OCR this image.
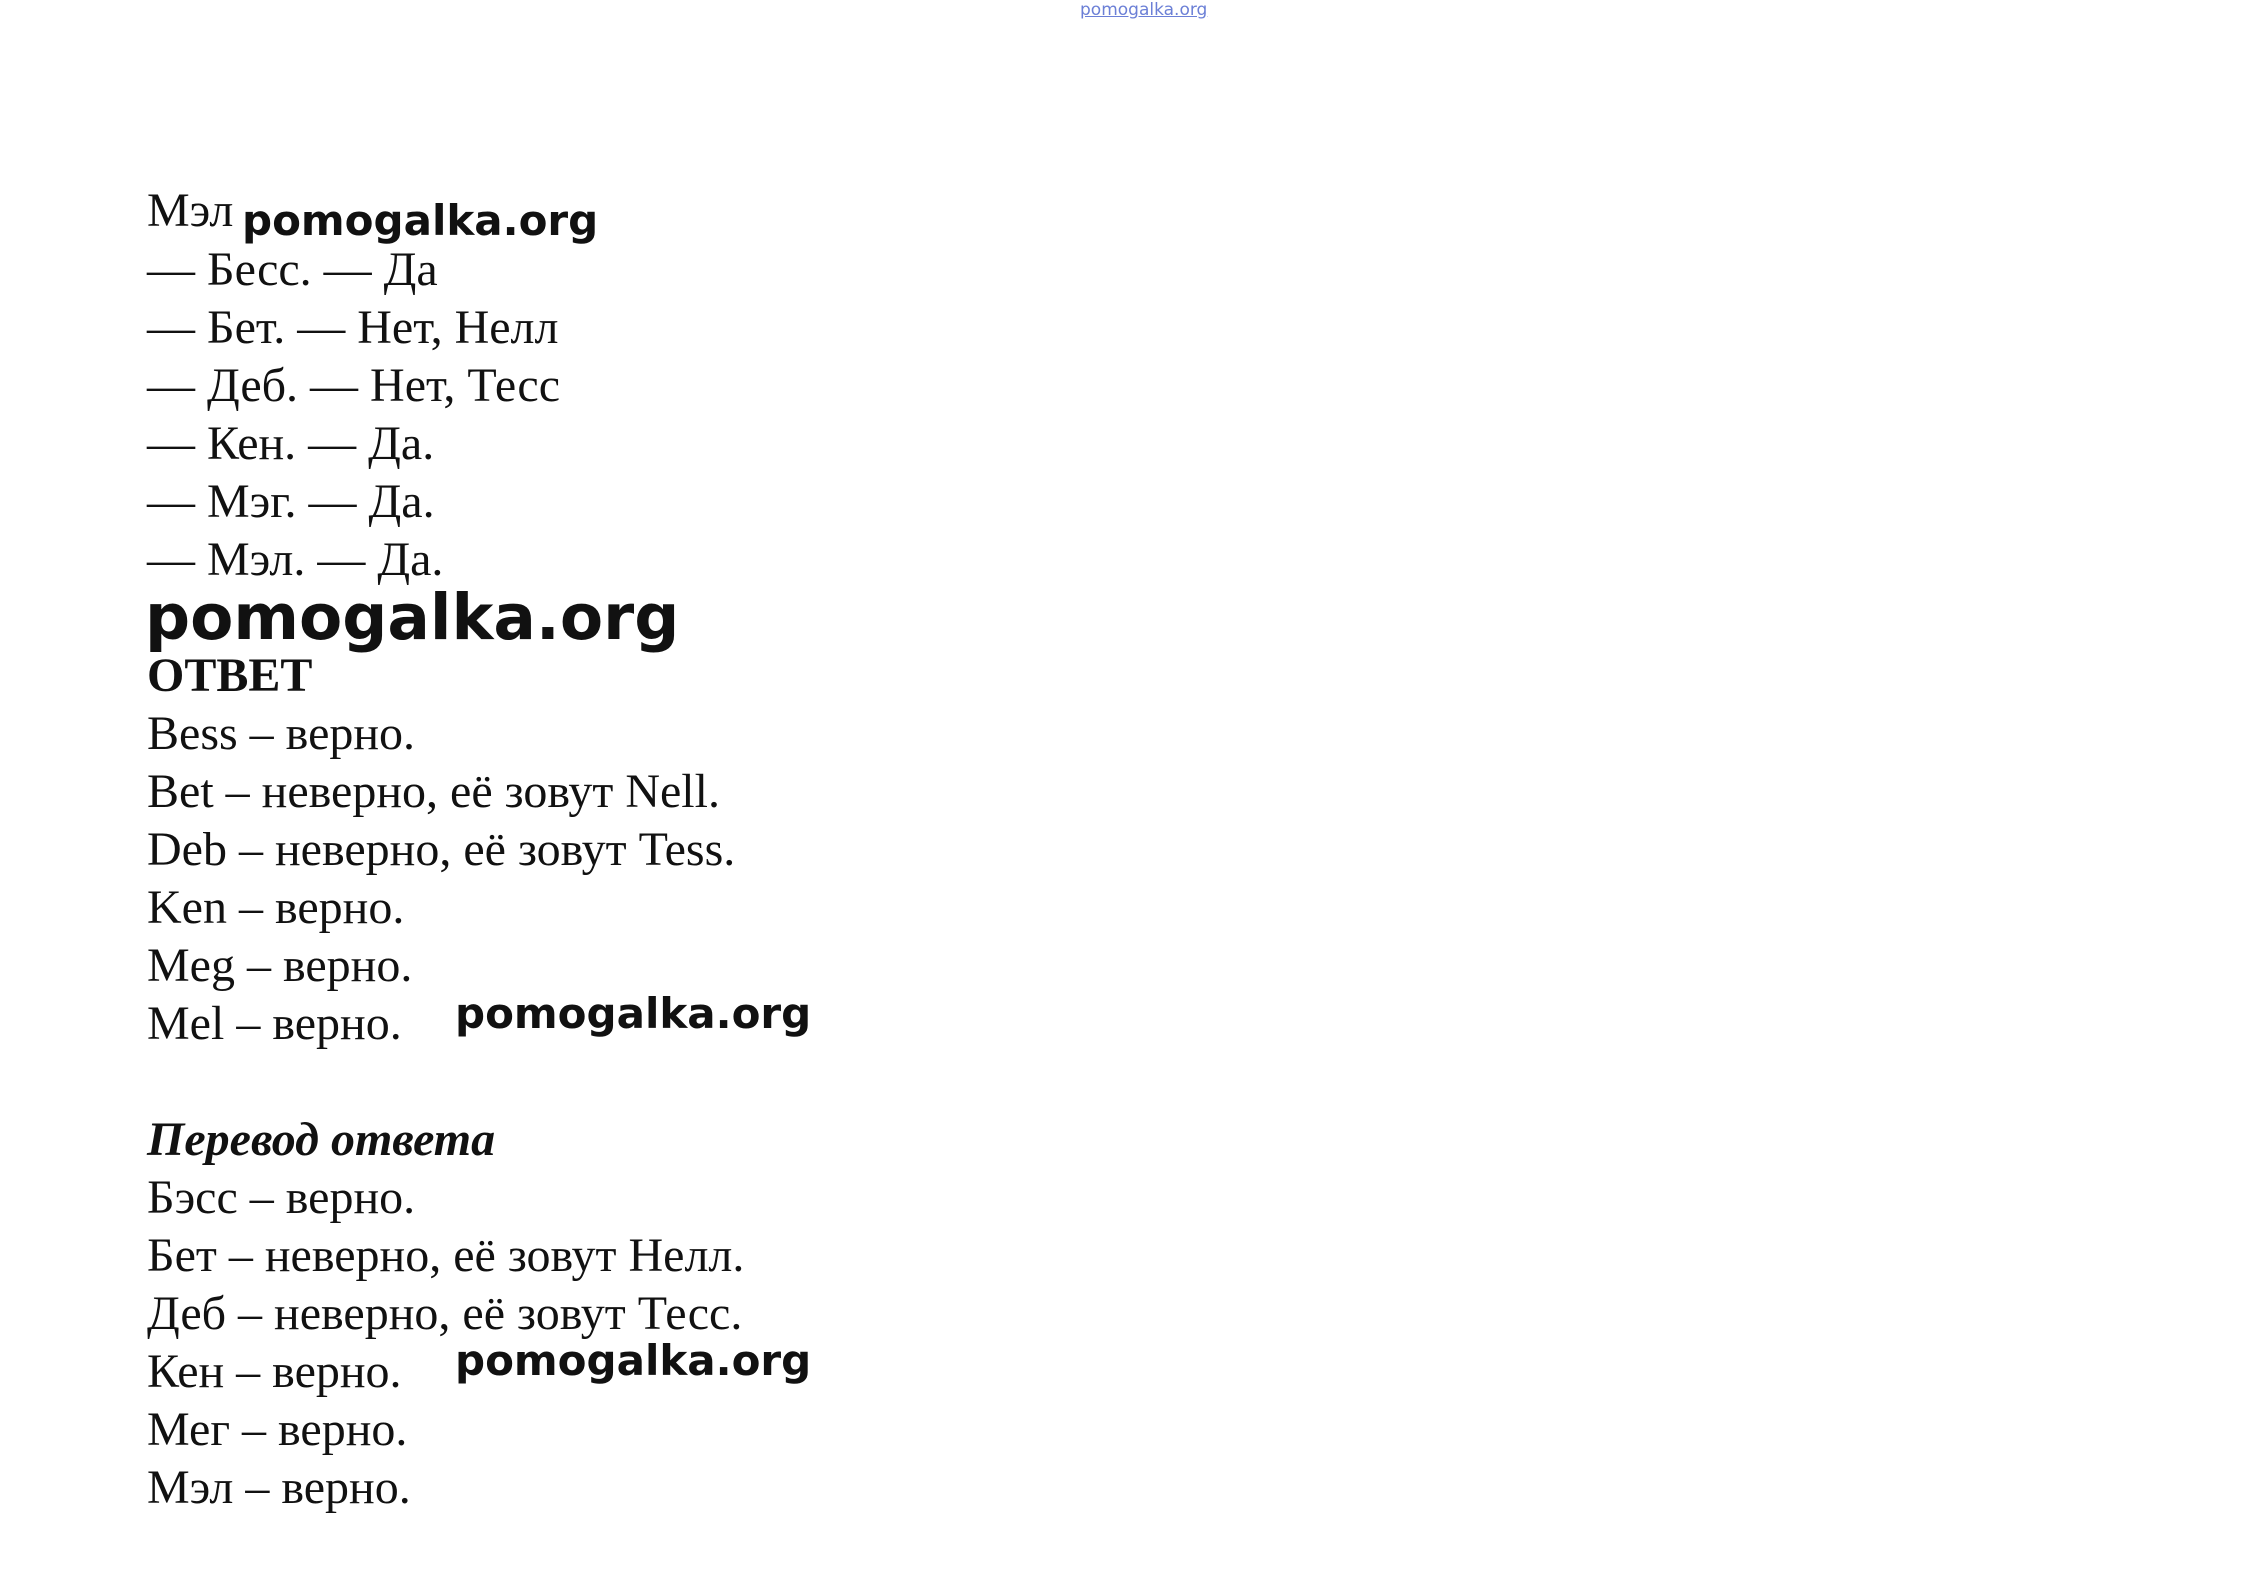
pomogalka.org
Мэл pomogalka.org
— Бесс. — Да
— Бет. — Нет, Нелл
— Деб. — Нет, Тесс
— Кен. — Да.
— Мэг. — Да.
— Мэл. — Да.
pomogalka.org
ОТВЕТ
Bess – верно.
Bet – неверно, её зовут Nell.
Deb – неверно, её зовут Tess.
Ken – верно.
Meg – верно.
Mel – верно. pomogalka.org
Перевод ответа
Бэсс – верно.
Бет – неверно, её зовут Нелл.
Деб – неверно, её зовут Тесс.
Кен – верно. pomogalka.org
Мег – верно.
Мэл – верно.
